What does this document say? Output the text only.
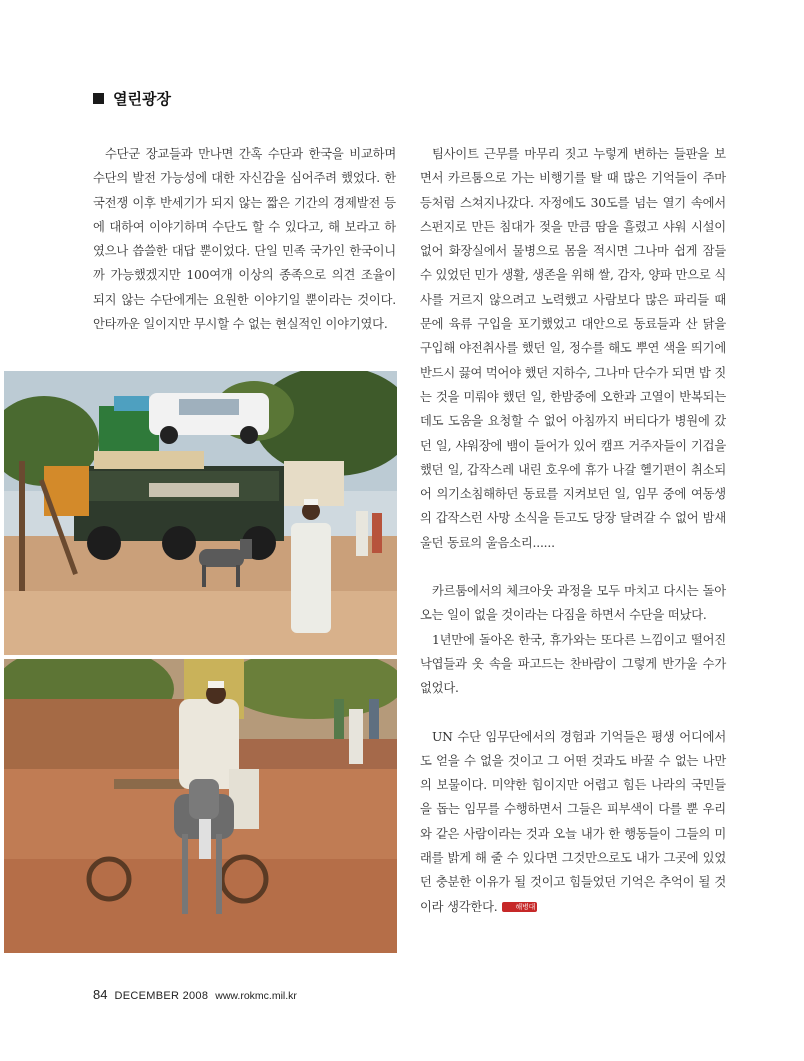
열린광장

수단군 장교들과 만나면 간혹 수단과 한국을 비교하며 수단의 발전 가능성에 대한 자신감을 심어주려 했었다. 한국전쟁 이후 반세기가 되지 않는 짧은 기간의 경제발전 등에 대하여 이야기하며 수단도 할 수 있다고, 해 보라고 하였으나 씁쓸한 대답 뿐이었다. 단일 민족 국가인 한국이니까 가능했겠지만 100여개 이상의 종족으로 의견 조율이 되지 않는 수단에게는 요원한 이야기일 뿐이라는 것이다. 안타까운 일이지만 무시할 수 없는 현실적인 이야기였다.

팀사이트 근무를 마무리 짓고 누렇게 변하는 들판을 보면서 카르툼으로 가는 비행기를 탈 때 많은 기억들이 주마등처럼 스쳐지나갔다. 자정에도 30도를 넘는 열기 속에서 스펀지로 만든 침대가 젖을 만큼 땀을 흘렸고 샤워 시설이 없어 화장실에서 물병으로 몸을 적시면 그나마 쉽게 잠들 수 있었던 민가 생활, 생존을 위해 쌀, 감자, 양파 만으로 식사를 거르지 않으려고 노력했고 사람보다 많은 파리들 때문에 육류 구입을 포기했었고 대안으로 동료들과 산 닭을 구입해 야전취사를 했던 일, 정수를 해도 뿌연 색을 띄기에 반드시 끓여 먹어야 했던 지하수, 그나마 단수가 되면 밥 짓는 것을 미뤄야 했던 일, 한밤중에 오한과 고열이 반복되는데도 도움을 요청할 수 없어 아침까지 버티다가 병원에 갔던 일, 샤워장에 뱀이 들어가 있어 캠프 거주자들이 기겁을 했던 일, 갑작스레 내린 호우에 휴가 나갈 헬기편이 취소되어 의기소침해하던 동료를 지켜보던 일, 임무 중에 여동생의 갑작스런 사망 소식을 듣고도 당장 달려갈 수 없어 밤새 울던 동료의 울음소리......

카르툼에서의 체크아웃 과정을 모두 마치고 다시는 돌아오는 일이 없을 것이라는 다짐을 하면서 수단을 떠났다.

1년만에 돌아온 한국, 휴가와는 또다른 느낌이고 떨어진 낙엽들과 옷 속을 파고드는 찬바람이 그렇게 반가울 수가 없었다.

UN 수단 임무단에서의 경험과 기억들은 평생 어디에서도 얻을 수 없을 것이고 그 어떤 것과도 바꿀 수 없는 나만의 보물이다. 미약한 힘이지만 어렵고 힘든 나라의 국민들을 돕는 임무를 수행하면서 그들은 피부색이 다를 뿐 우리와 같은 사람이라는 것과 오늘 내가 한 행동들이 그들의 미래를 밝게 해 줄 수 있다면 그것만으로도 내가 그곳에 있었던 충분한 이유가 될 것이고 힘들었던 기억은 추억이 될 것이라 생각한다.	해병대

84 DECEMBER 2008 www.rokmc.mil.kr
